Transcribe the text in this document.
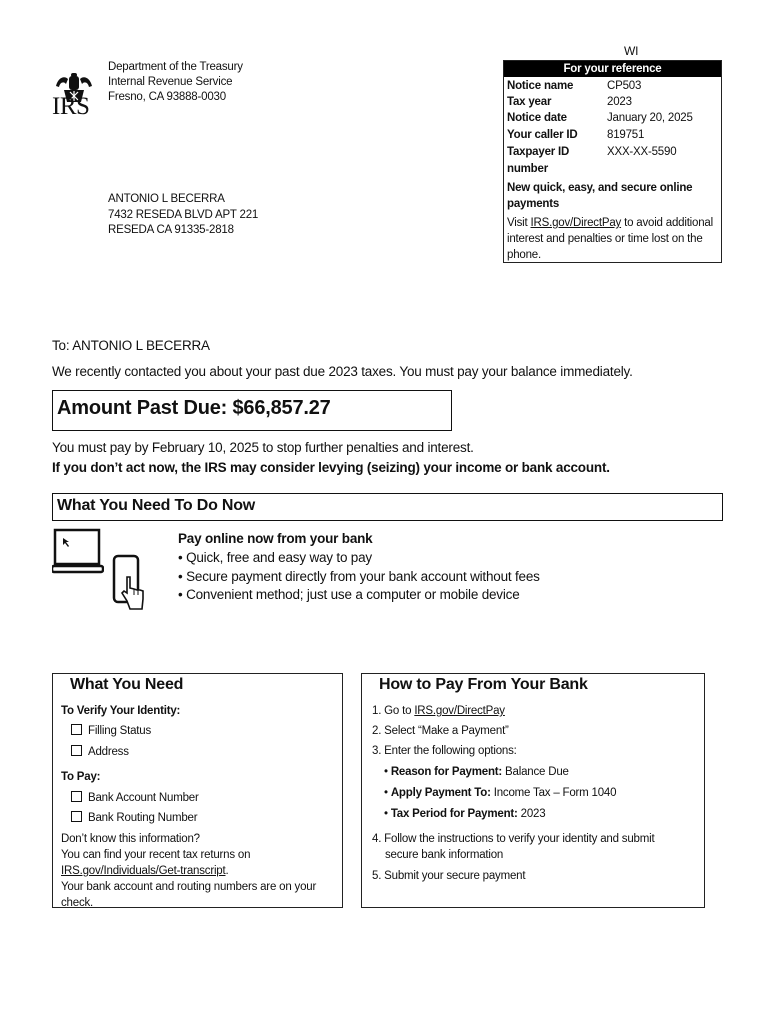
IRS
Department of the Treasury
Internal Revenue Service
Fresno, CA 93888-0030
ANTONIO L BECERRA
7432 RESEDA BLVD APT 221
RESEDA CA 91335-2818
WI
For your reference
Notice name	CP503
Tax year	2023
Notice date	January 20, 2025
Your caller ID	819751
Taxpayer ID	XXX-XX-5590
number
New quick, easy, and secure online payments
Visit IRS.gov/DirectPay to avoid additional interest and penalties or time lost on the phone.
To: ANTONIO L BECERRA
We recently contacted you about your past due 2023 taxes. You must pay your balance immediately.
Amount Past Due: $66,857.27
You must pay by February 10, 2025 to stop further penalties and interest.
If you don’t act now, the IRS may consider levying (seizing) your income or bank account.
What You Need To Do Now
Pay online now from your bank
• Quick, free and easy way to pay
• Secure payment directly from your bank account without fees
• Convenient method; just use a computer or mobile device
What You Need
To Verify Your Identity:
Filling Status
Address
To Pay:
Bank Account Number
Bank Routing Number
Don’t know this information?
You can find your recent tax returns on
IRS.gov/Individuals/Get-transcript.
Your bank account and routing numbers are on your check.
How to Pay From Your Bank
1. Go to IRS.gov/DirectPay
2. Select “Make a Payment”
3. Enter the following options:
• Reason for Payment: Balance Due
• Apply Payment To: Income Tax – Form 1040
• Tax Period for Payment: 2023
4. Follow the instructions to verify your identity and submit
secure bank information
5. Submit your secure payment
